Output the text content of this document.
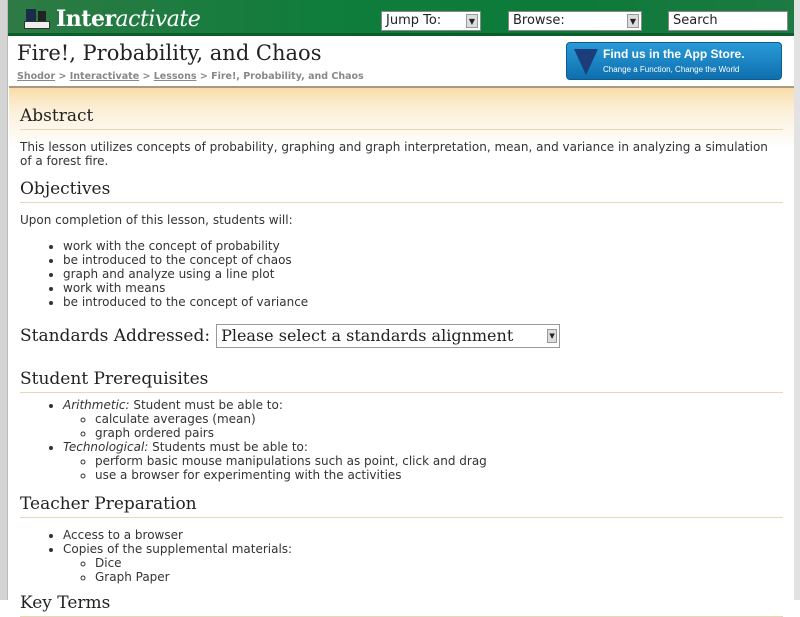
Interactivate	Jump To:	▼	Browse:	▼	Search
Fire!, Probability, and Chaos
Shodor > Interactivate > Lessons > Fire!, Probability, and Chaos
Find us in the App Store.
Change a Function, Change the World
Abstract

This lesson utilizes concepts of probability, graphing and graph interpretation, mean, and variance in analyzing a simulation of a forest fire.

Objectives

Upon completion of this lesson, students will:

• work with the concept of probability
• be introduced to the concept of chaos
• graph and analyze using a line plot
• work with means
• be introduced to the concept of variance
Standards Addressed: Please select a standards alignment	▼
Student Prerequisites
• Arithmetic: Student must be able to:
◦ calculate averages (mean)
◦ graph ordered pairs
• Technological: Students must be able to:
◦ perform basic mouse manipulations such as point, click and drag
◦ use a browser for experimenting with the activities
Teacher Preparation
• Access to a browser
• Copies of the supplemental materials:
◦ Dice
◦ Graph Paper
Key Terms
